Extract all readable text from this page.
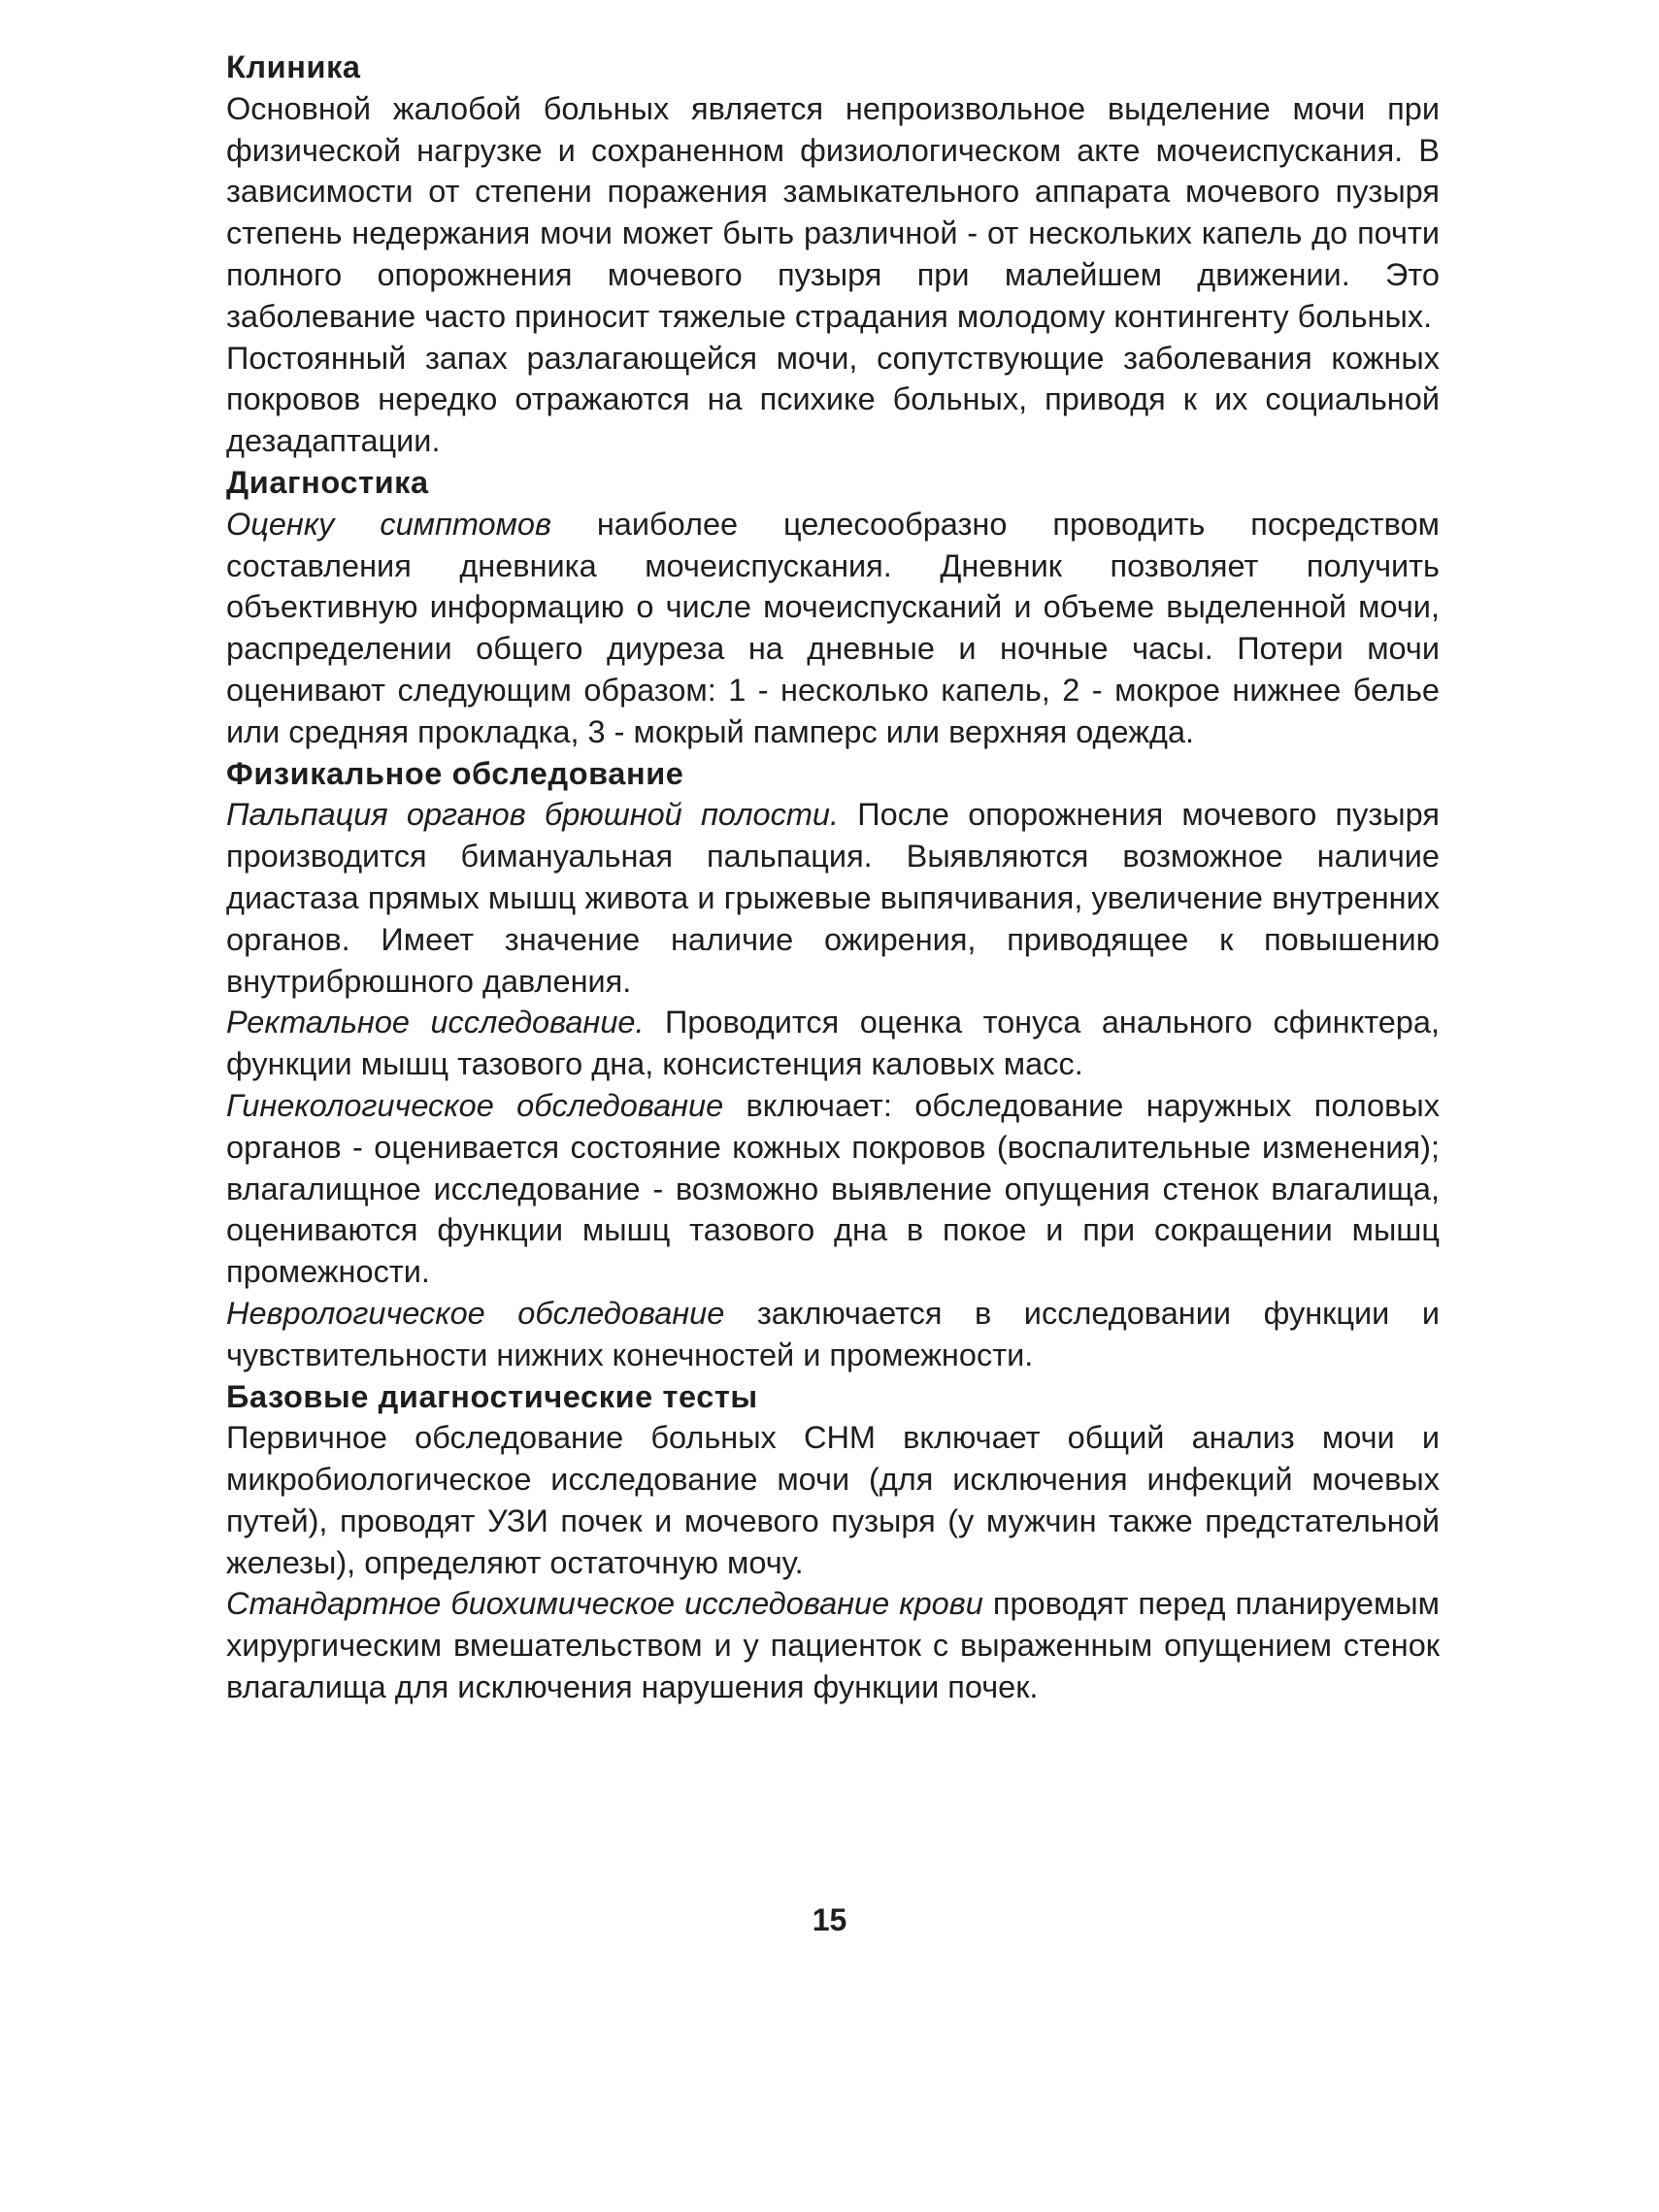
Клиника

Основной жалобой больных является непроизвольное выделение мочи при физической нагрузке и сохраненном физиологическом акте мочеиспускания. В зависимости от степени поражения замыкательного аппарата мочевого пузыря степень недержания мочи может быть различной - от нескольких капель до почти полного опорожнения мочевого пузыря при малейшем движении. Это заболевание часто приносит тяжелые страдания молодому контингенту больных.

Постоянный запах разлагающейся мочи, сопутствующие заболевания кожных покровов нередко отражаются на психике больных, приводя к их социальной дезадаптации.

Диагностика

Оценку симптомов наиболее целесообразно проводить посредством составления дневника мочеиспускания. Дневник позволяет получить объективную информацию о числе мочеиспусканий и объеме выделенной мочи, распределении общего диуреза на дневные и ночные часы. Потери мочи оценивают следующим образом: 1 - несколько капель, 2 - мокрое нижнее белье или средняя прокладка, 3 - мокрый памперс или верхняя одежда.

Физикальное обследование

Пальпация органов брюшной полости. После опорожнения мочевого пузыря производится бимануальная пальпация. Выявляются возможное наличие диастаза прямых мышц живота и грыжевые выпячивания, увеличение внутренних органов. Имеет значение наличие ожирения, приводящее к повышению внутрибрюшного давления.

Ректальное исследование. Проводится оценка тонуса анального сфинктера, функции мышц тазового дна, консистенция каловых масс.

Гинекологическое обследование включает: обследование наружных половых органов - оценивается состояние кожных покровов (воспалительные изменения); влагалищное исследование - возможно выявление опущения стенок влагалища, оцениваются функции мышц тазового дна в покое и при сокращении мышц промежности.

Неврологическое обследование заключается в исследовании функции и чувствительности нижних конечностей и промежности.

Базовые диагностические тесты

Первичное обследование больных СНМ включает общий анализ мочи и микробиологическое исследование мочи (для исключения инфекций мочевых путей), проводят УЗИ почек и мочевого пузыря (у мужчин также предстательной железы), определяют остаточную мочу.

Стандартное биохимическое исследование крови проводят перед планируемым хирургическим вмешательством и у пациенток с выраженным опущением стенок влагалища для исключения нарушения функции почек.

15
